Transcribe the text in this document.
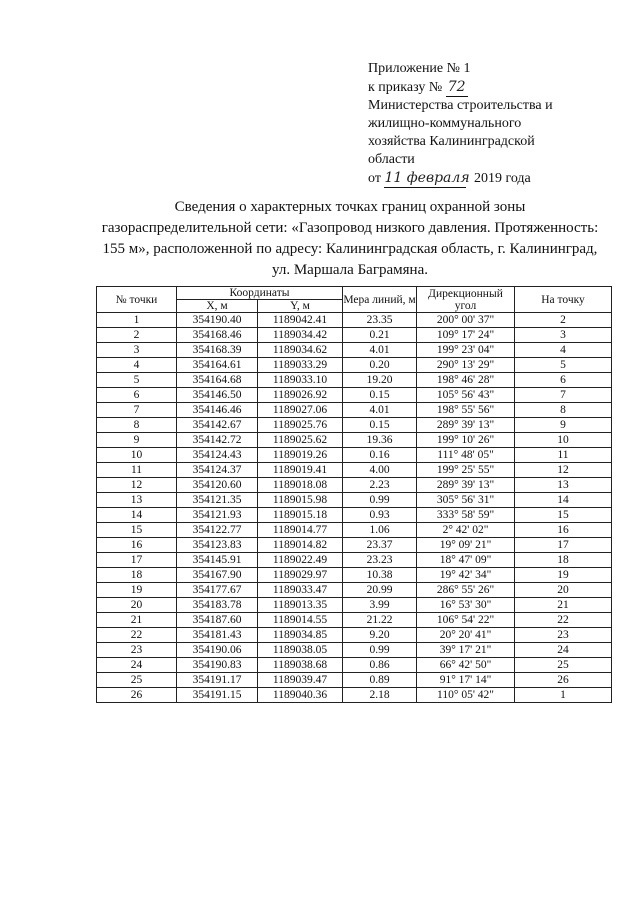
Приложение № 1
к приказу № 72
Министерства строительства и
жилищно-коммунального
хозяйства Калининградской
области
от 11 февраля 2019 года
Сведения о характерных точках границ охранной зоны
газораспределительной сети: «Газопровод низкого давления. Протяженность:
155 м», расположенной по адресу: Калининградская область, г. Калининград,
ул. Маршала Баграмяна.
№ точки	Координаты		Мера линий, м	Дирекционный угол	На точку
	X, м	Y, м			
1	354190.40	1189042.41	23.35	200° 00' 37"	2
2	354168.46	1189034.42	0.21	109° 17' 24"	3
3	354168.39	1189034.62	4.01	199° 23' 04"	4
4	354164.61	1189033.29	0.20	290° 13' 29"	5
5	354164.68	1189033.10	19.20	198° 46' 28"	6
6	354146.50	1189026.92	0.15	105° 56' 43"	7
7	354146.46	1189027.06	4.01	198° 55' 56"	8
8	354142.67	1189025.76	0.15	289° 39' 13"	9
9	354142.72	1189025.62	19.36	199° 10' 26"	10
10	354124.43	1189019.26	0.16	111° 48' 05"	11
11	354124.37	1189019.41	4.00	199° 25' 55"	12
12	354120.60	1189018.08	2.23	289° 39' 13"	13
13	354121.35	1189015.98	0.99	305° 56' 31"	14
14	354121.93	1189015.18	0.93	333° 58' 59"	15
15	354122.77	1189014.77	1.06	2° 42' 02"	16
16	354123.83	1189014.82	23.37	19° 09' 21"	17
17	354145.91	1189022.49	23.23	18° 47' 09"	18
18	354167.90	1189029.97	10.38	19° 42' 34"	19
19	354177.67	1189033.47	20.99	286° 55' 26"	20
20	354183.78	1189013.35	3.99	16° 53' 30"	21
21	354187.60	1189014.55	21.22	106° 54' 22"	22
22	354181.43	1189034.85	9.20	20° 20' 41"	23
23	354190.06	1189038.05	0.99	39° 17' 21"	24
24	354190.83	1189038.68	0.86	66° 42' 50"	25
25	354191.17	1189039.47	0.89	91° 17' 14"	26
26	354191.15	1189040.36	2.18	110° 05' 42"	1
